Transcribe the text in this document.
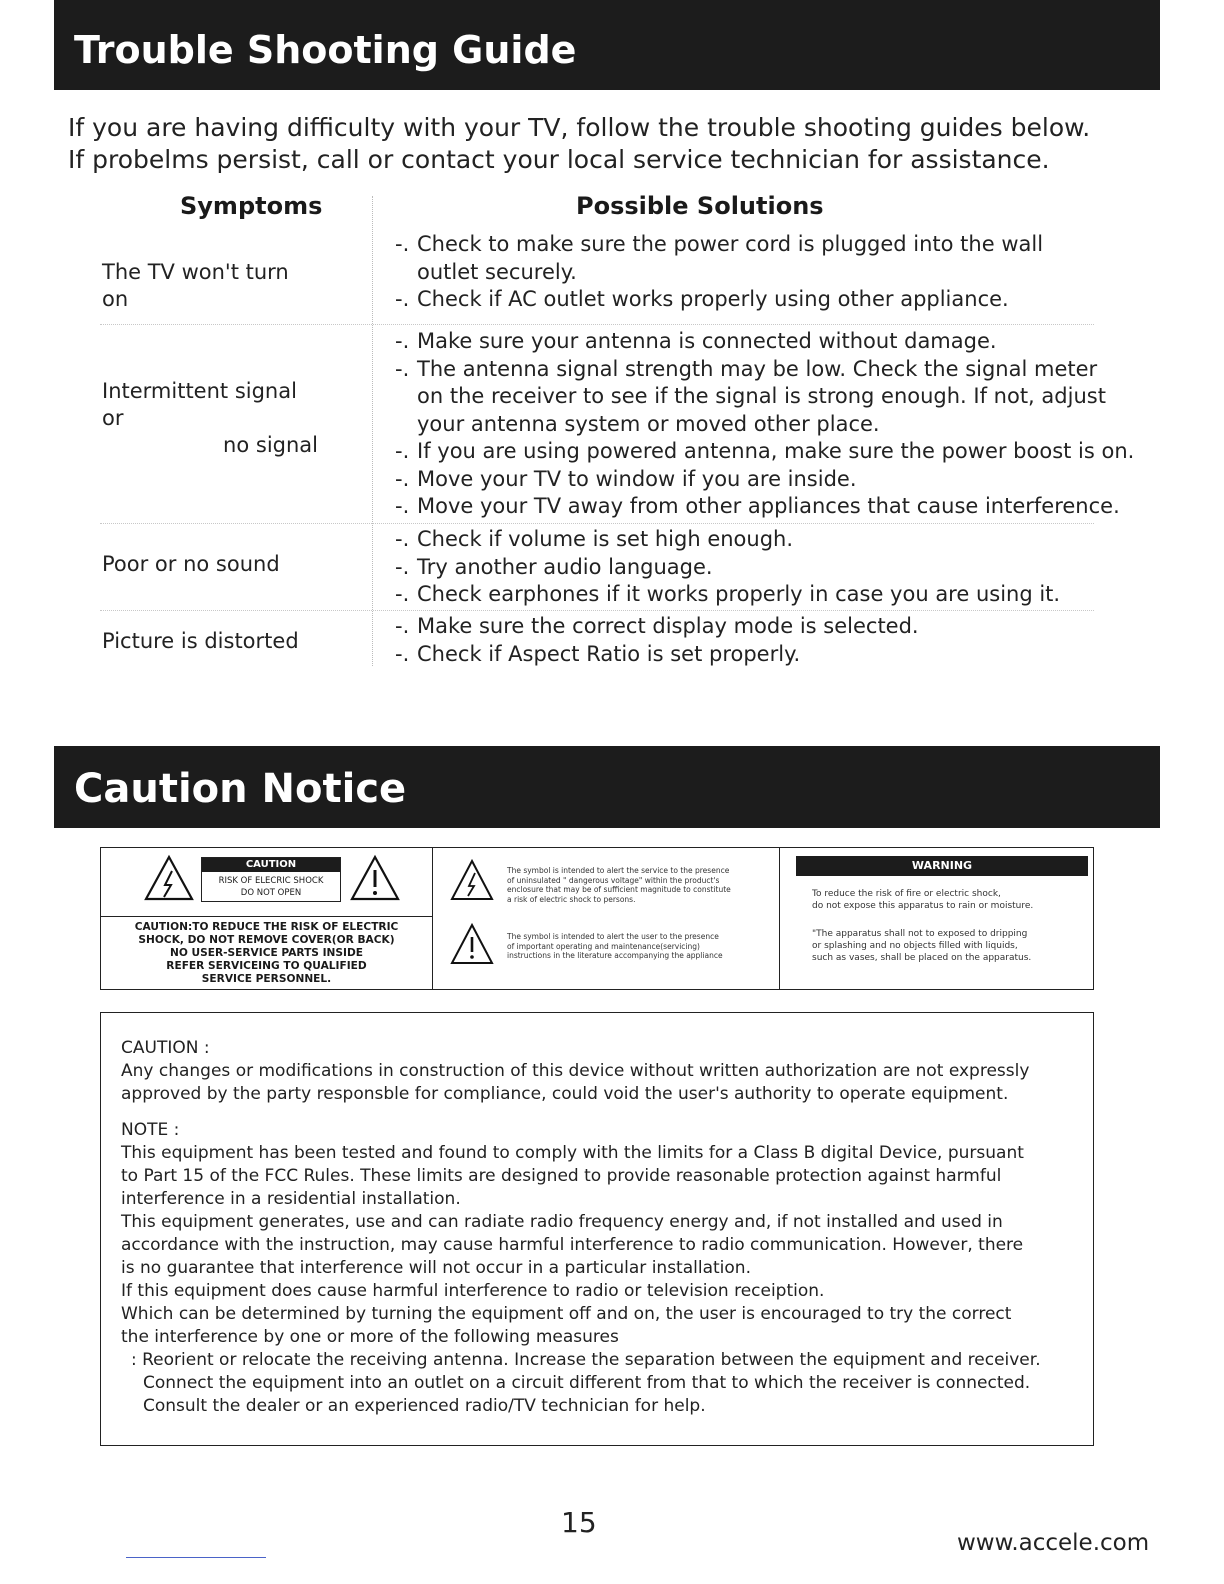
Trouble Shooting Guide
If you are having difficulty with your TV, follow the trouble shooting guides below.
If probelms persist, call or contact your local service technician for assistance.
Symptoms	Possible Solutions
The TV won't turn on
-. Check to make sure the power cord is plugged into the wall
outlet securely.
-. Check if AC outlet works properly using other appliance.
Intermittent signal or
no signal
-. Make sure your antenna is connected without damage.
-. The antenna signal strength may be low. Check the signal meter
on the receiver to see if the signal is strong enough. If not, adjust
your antenna system or moved other place.
-. If you are using powered antenna, make sure the power boost is on.
-. Move your TV to window if you are inside.
-. Move your TV away from other appliances that cause interference.
Poor or no sound
-. Check if volume is set high enough.
-. Try another audio language.
-. Check earphones if it works properly in case you are using it.
Picture is distorted
-. Make sure the correct display mode is selected.
-. Check if Aspect Ratio is set properly.
Caution Notice
CAUTION
RISK OF ELECRIC SHOCK
DO NOT OPEN
CAUTION:TO REDUCE THE RISK OF ELECTRIC
SHOCK, DO NOT REMOVE COVER(OR BACK)
NO USER-SERVICE PARTS INSIDE
REFER SERVICEING TO QUALIFIED
SERVICE PERSONNEL.
The symbol is intended to alert the service to the presence
of uninsulated " dangerous voltage" within the product's
enclosure that may be of sufficient magnitude to constitute
a risk of electric shock to persons.
The symbol is intended to alert the user to the presence
of important operating and maintenance(servicing)
instructions in the literature accompanying the appliance
WARNING
To reduce the risk of fire or electric shock,
do not expose this apparatus to rain or moisture.
"The apparatus shall not to exposed to dripping
or splashing and no objects filled with liquids,
such as vases, shall be placed on the apparatus.
CAUTION :
Any changes or modifications in construction of this device without written authorization are not expressly
approved by the party responsble for compliance, could void the user's authority to operate equipment.
NOTE :
This equipment has been tested and found to comply with the limits for a Class B digital Device, pursuant
to Part 15 of the FCC Rules. These limits are designed to provide reasonable protection against harmful
interference in a residential installation.
This equipment generates, use and can radiate radio frequency energy and, if not installed and used in
accordance with the instruction, may cause harmful interference to radio communication. However, there
is no guarantee that interference will not occur in a particular installation.
If this equipment does cause harmful interference to radio or television receiption.
Which can be determined by turning the equipment off and on, the user is encouraged to try the correct
the interference by one or more of the following measures
: Reorient or relocate the receiving antenna. Increase the separation between the equipment and receiver.
Connect the equipment into an outlet on a circuit different from that to which the receiver is connected.
Consult the dealer or an experienced radio/TV technician for help.
15
www.accele.com
